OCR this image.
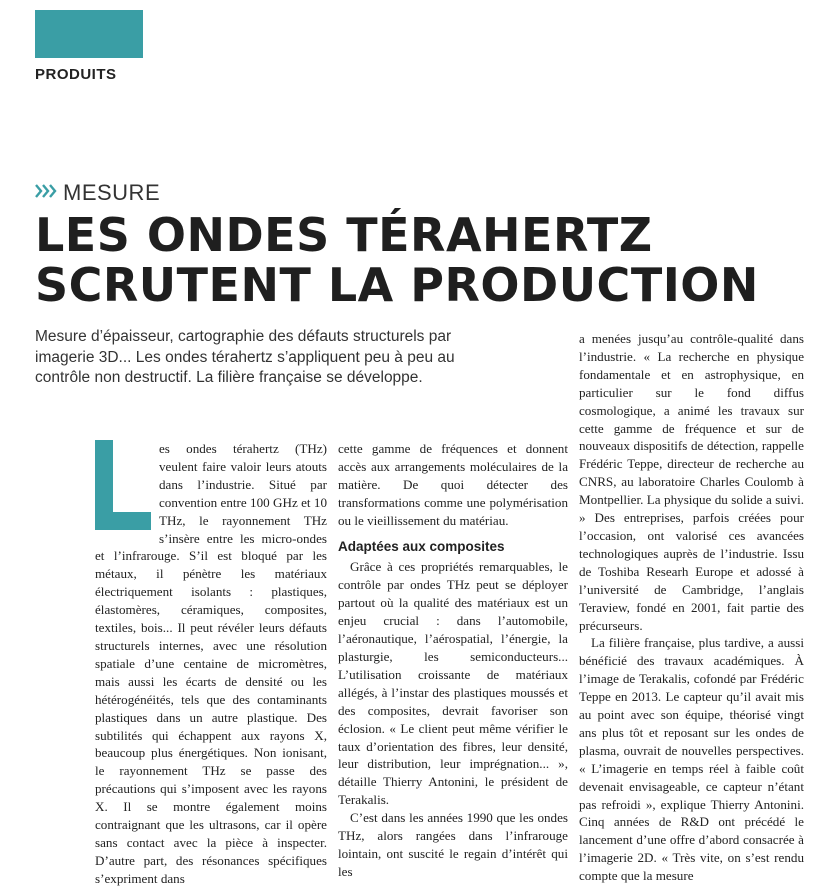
PRODUITS
MESURE
LES ONDES TÉRAHERTZ
SCRUTENT LA PRODUCTION
Mesure d’épaisseur, cartographie des défauts structurels par imagerie 3D... Les ondes térahertz s’appliquent peu à peu au contrôle non destructif. La filière française se développe.

es ondes térahertz (THz) veulent faire valoir leurs atouts dans l’industrie. Situé par convention entre 100 GHz et 10 THz, le rayonnement THz s’insère entre les micro-ondes et l’infrarouge. S’il est bloqué par les métaux, il pénètre les matériaux électriquement isolants : plastiques, élastomères, céramiques, composites, textiles, bois... Il peut révéler leurs défauts structurels internes, avec une résolution spatiale d’une centaine de micromètres, mais aussi les écarts de densité ou les hétérogénéités, tels que des contaminants plastiques dans un autre plastique. Des subtilités qui échappent aux rayons X, beaucoup plus énergétiques. Non ionisant, le rayonnement THz se passe des précautions qui s’imposent avec les rayons X. Il se montre également moins contraignant que les ultrasons, car il opère sans contact avec la pièce à inspecter. D’autre part, des résonances spécifiques s’expriment dans

cette gamme de fréquences et donnent accès aux arrangements moléculaires de la matière. De quoi détecter des transformations comme une polymérisation ou le vieillissement du matériau.

Adaptées aux composites

Grâce à ces propriétés remarquables, le contrôle par ondes THz peut se déployer partout où la qualité des matériaux est un enjeu crucial : dans l’automobile, l’aéronautique, l’aérospatial, l’énergie, la plasturgie, les semiconducteurs... L’utilisation croissante de matériaux allégés, à l’instar des plastiques moussés et des composites, devrait favoriser son éclosion. « Le client peut même vérifier le taux d’orientation des fibres, leur densité, leur distribution, leur imprégnation... », détaille Thierry Antonini, le président de Terakalis.

C’est dans les années 1990 que les ondes THz, alors rangées dans l’infrarouge lointain, ont suscité le regain d’intérêt qui les

a menées jusqu’au contrôle-qualité dans l’industrie. « La recherche en physique fondamentale et en astrophysique, en particulier sur le fond diffus cosmologique, a animé les travaux sur cette gamme de fréquence et sur de nouveaux dispositifs de détection, rappelle Frédéric Teppe, directeur de recherche au CNRS, au laboratoire Charles Coulomb à Montpellier. La physique du solide a suivi. » Des entreprises, parfois créées pour l’occasion, ont valorisé ces avancées technologiques auprès de l’industrie. Issu de Toshiba Researh Europe et adossé à l’université de Cambridge, l’anglais Teraview, fondé en 2001, fait partie des précurseurs.

La filière française, plus tardive, a aussi bénéficié des travaux académiques. À l’image de Terakalis, cofondé par Frédéric Teppe en 2013. Le capteur qu’il avait mis au point avec son équipe, théorisé vingt ans plus tôt et reposant sur les ondes de plasma, ouvrait de nouvelles perspectives. « L’imagerie en temps réel à faible coût devenait envisageable, ce capteur n’étant pas refroidi », explique Thierry Antonini. Cinq années de R&D ont précédé le lancement d’une offre d’abord consacrée à l’imagerie 2D. « Très vite, on s’est rendu compte que la mesure
